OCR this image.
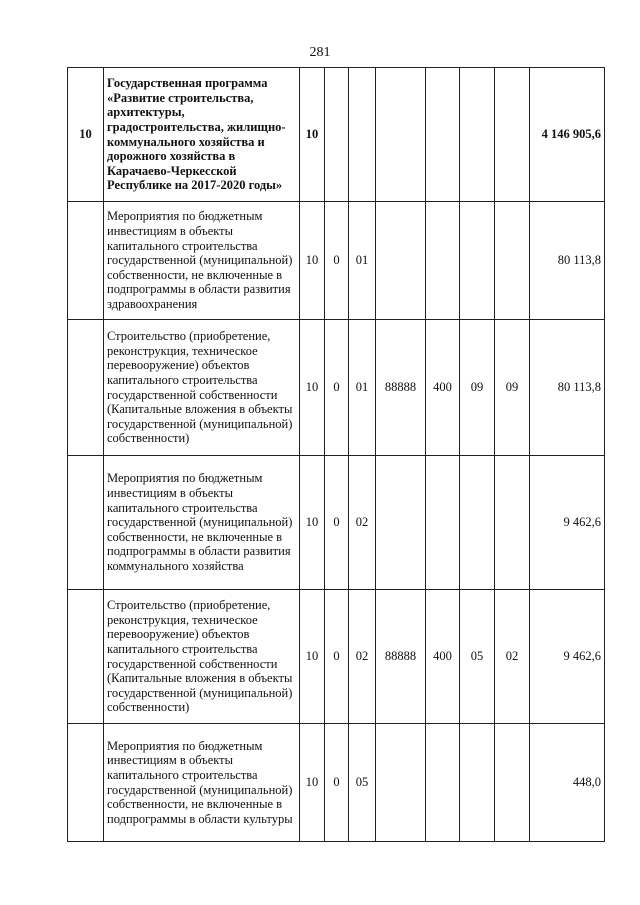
281
10	Государственная программа «Развитие строительства, архитектуры, градостроительства, жилищно-коммунального хозяйства и дорожного хозяйства в Карачаево-Черкесской Республике на 2017-2020 годы»	10							4 146 905,6
	Мероприятия по бюджетным инвестициям в объекты капитального строительства государственной (муниципальной) собственности, не включенные в подпрограммы в области развития здравоохранения	10	0	01					80 113,8
	Строительство (приобретение, реконструкция, техническое перевооружение) объектов капитального строительства государственной собственности (Капитальные вложения в объекты государственной (муниципальной) собственности)	10	0	01	88888	400	09	09	80 113,8
	Мероприятия по бюджетным инвестициям в объекты капитального строительства государственной (муниципальной) собственности, не включенные в подпрограммы в области развития коммунального хозяйства	10	0	02					9 462,6
	Строительство (приобретение, реконструкция, техническое перевооружение) объектов капитального строительства государственной собственности (Капитальные вложения в объекты государственной (муниципальной) собственности)	10	0	02	88888	400	05	02	9 462,6
	Мероприятия по бюджетным инвестициям в объекты капитального строительства государственной (муниципальной) собственности, не включенные в подпрограммы в области культуры	10	0	05					448,0
